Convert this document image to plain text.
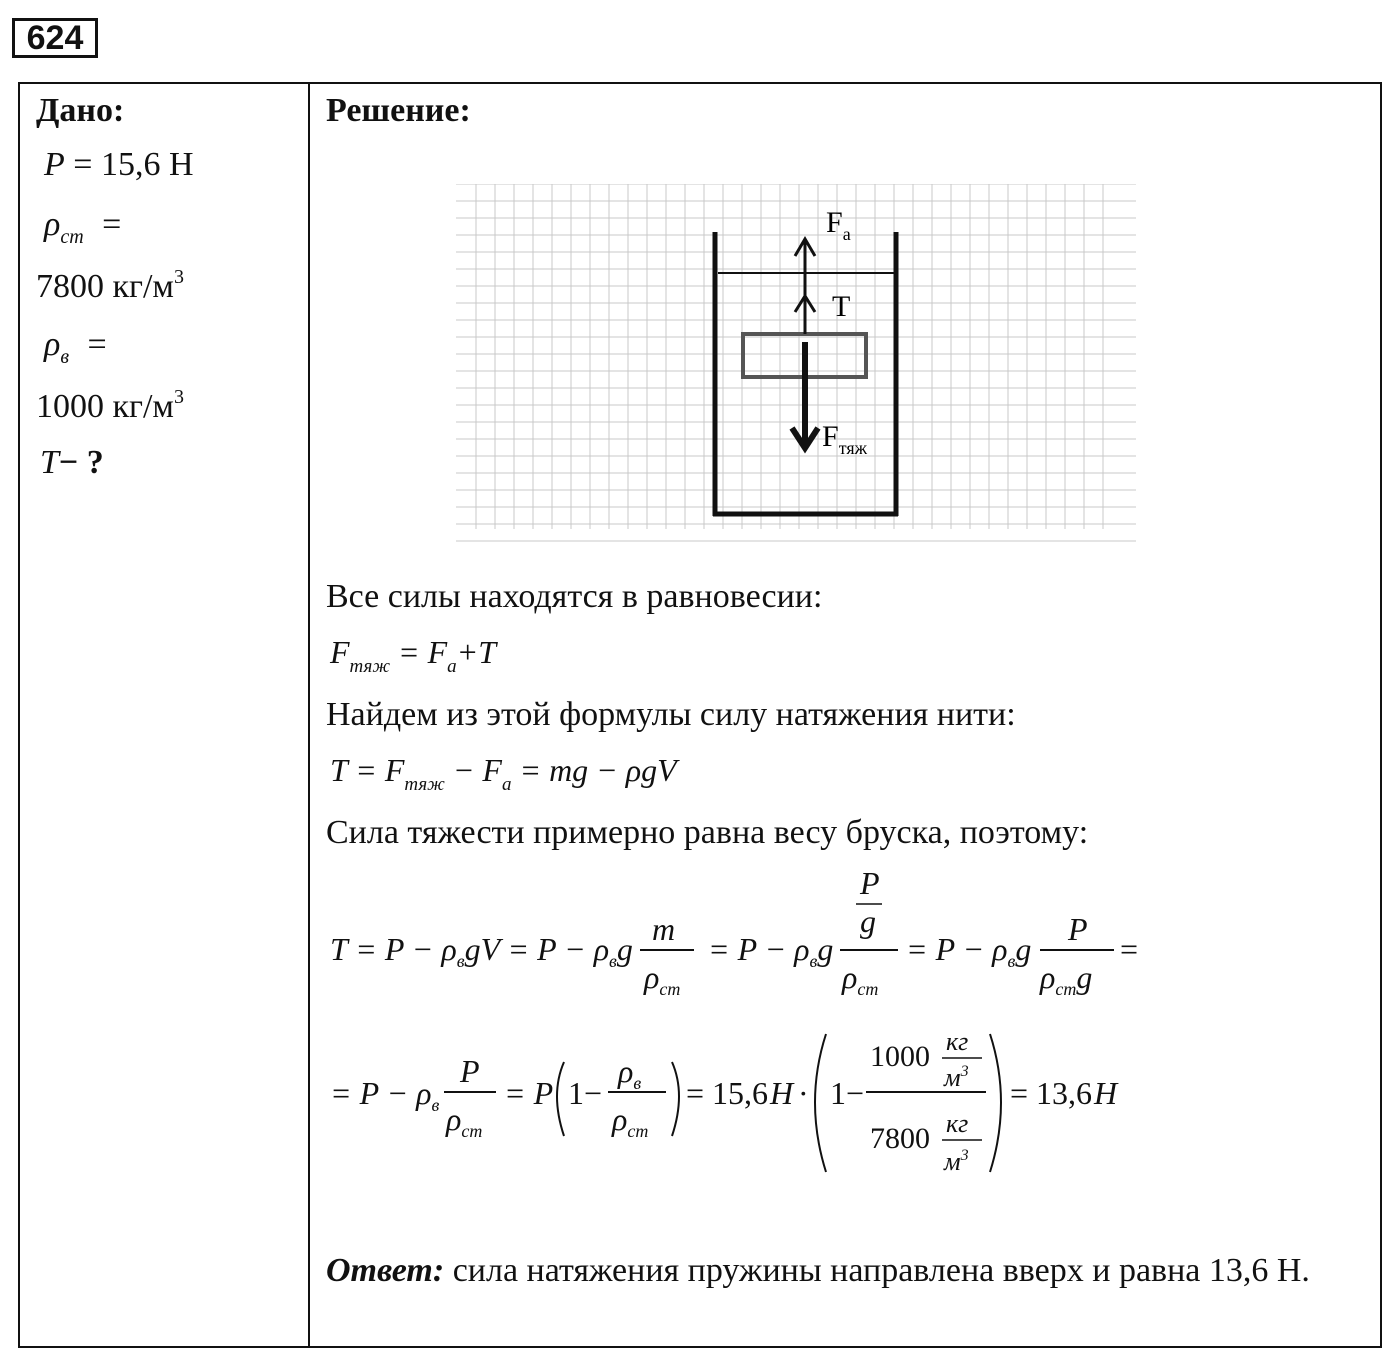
624
Дано:
P = 15,6 Н
$\rho_{ст}$ =
7800 $кг/м^3$
$\rho_в$ =
1000 $кг/м^3$
T− ?
Решение:
$F_а$
T
$F_{тяж}$
Все силы находятся в равновесии:
$F_{тяж} = F_a+T$
Найдем из этой формулы силу натяжения нити:
$T = F_{тяж} - F_a$ = mg − ρgV
Сила тяжести примерно равна весу бруска, поэтому:
$T = P - \rho_вgV = P - \rho_вg$
m
$\rho_{ст}$
= $P - \rho_вg$
P
g
$\rho_{ст}$
= $P - \rho_вg$
P
$\rho_{ст}g$
=
= $P - \rho_в$
P
$\rho_{ст}$
= P 1−
$\rho_в$
$\rho_{ст}$
= 15,6 H · 1−
1000 кг
$м^3$
7800 кг
$м^3$
= 13,6 H
Ответ: сила натяжения пружины направлена вверх и равна 13,6 Н.
